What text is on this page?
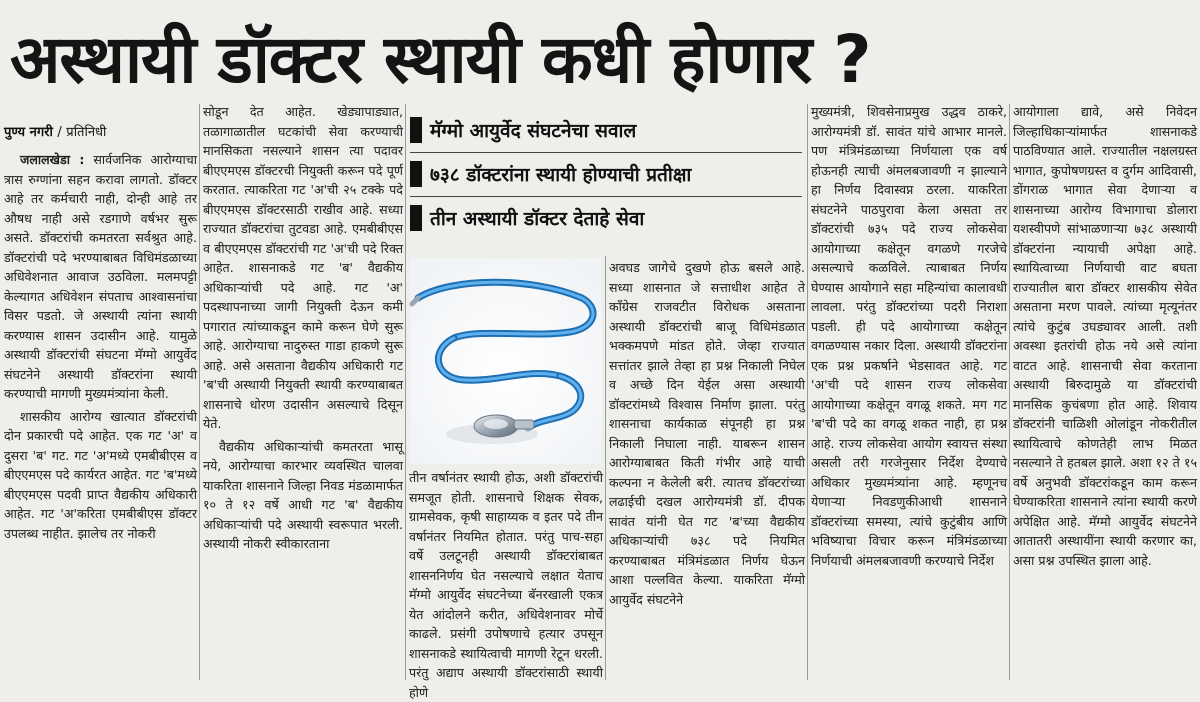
अस्थायी डॉक्टर स्थायी कधी होणार ?
पुण्य नगरी / प्रतिनिधी

जलालखेडा : सार्वजनिक आरोग्याचा त्रास रुग्णांना सहन करावा लागतो. डॉक्टर आहे तर कर्मचारी नाही, दोन्ही आहे तर औषध नाही असे रडगाणे वर्षभर सुरू असते. डॉक्टरांची कमतरता सर्वश्रुत आहे. डॉक्टरांची पदे भरण्याबाबत विधिमंडळाच्या अधिवेशनात आवाज उठविला. मलमपट्टी केल्यागत अधिवेशन संपताच आश्वासनांचा विसर पडतो. जे अस्थायी त्यांना स्थायी करण्यास शासन उदासीन आहे. यामुळे अस्थायी डॉक्टरांची संघटना मॅग्मो आयुर्वेद संघटनेने अस्थायी डॉक्टरांना स्थायी करण्याची मागणी मुख्यमंत्र्यांना केली.

शासकीय आरोग्य खात्यात डॉक्टरांची दोन प्रकारची पदे आहेत. एक गट 'अ' व दुसरा 'ब' गट. गट 'अ'मध्ये एमबीबीएस व बीएएमएस पदे कार्यरत आहेत. गट 'ब'मध्ये बीएएमएस पदवी प्राप्त वैद्यकीय अधिकारी आहेत. गट 'अ'करिता एमबीबीएस डॉक्टर उपलब्ध नाहीत. झालेच तर नोकरी

सोडून देत आहेत. खेड्यापाड्यात, तळागाळातील घटकांची सेवा करण्याची मानसिकता नसल्याने शासन त्या पदावर बीएएमएस डॉक्टरची नियुक्ती करून पदे पूर्ण करतात. त्याकरिता गट 'अ'ची २५ टक्के पदे बीएएमएस डॉक्टरसाठी राखीव आहे. सध्या राज्यात डॉक्टरांचा तुटवडा आहे. एमबीबीएस व बीएएमएस डॉक्टरांची गट 'अ'ची पदे रिक्त आहेत. शासनाकडे गट 'ब' वैद्यकीय अधिकाऱ्यांची पदे आहे. गट 'अ' पदस्थापनाच्या जागी नियुक्ती देऊन कमी पगारात त्यांच्याकडून कामे करून घेणे सुरू आहे. आरोग्याचा नादुरुस्त गाडा हाकणे सुरू आहे. असे असताना वैद्यकीय अधिकारी गट 'ब'ची अस्थायी नियुक्ती स्थायी करण्याबाबत शासनाचे धोरण उदासीन असल्याचे दिसून येते.

वैद्यकीय अधिकाऱ्यांची कमतरता भासू नये, आरोग्याचा कारभार व्यवस्थित चालवा याकरिता शासनाने जिल्हा निवड मंडळामार्फत १० ते १२ वर्षे आधी गट 'ब' वैद्यकीय अधिकाऱ्यांची पदे अस्थायी स्वरूपात भरली. अस्थायी नोकरी स्वीकारताना

मॅग्मो आयुर्वेद संघटनेचा सवाल
७३८ डॉक्टरांना स्थायी होण्याची प्रतीक्षा
तीन अस्थायी डॉक्टर देताहे सेवा

तीन वर्षानंतर स्थायी होऊ, अशी डॉक्टरांची समजूत होती. शासनाचे शिक्षक सेवक, ग्रामसेवक, कृषी साहाय्यक व इतर पदे तीन वर्षानंतर नियमित होतात. परंतु पाच-सहा वर्षे उलटूनही अस्थायी डॉक्टरांबाबत शासननिर्णय घेत नसल्याचे लक्षात येताच मॅग्मो आयुर्वेद संघटनेच्या बॅनरखाली एकत्र येत आंदोलने करीत, अधिवेशनावर मोर्चे काढले. प्रसंगी उपोषणाचे हत्यार उपसून शासनाकडे स्थायित्वाची मागणी रेटून धरली. परंतु अद्याप अस्थायी डॉक्टरांसाठी स्थायी होणे

अवघड जागेचे दुखणे होऊ बसले आहे. सध्या शासनात जे सत्ताधीश आहेत ते काँग्रेस राजवटीत विरोधक असताना अस्थायी डॉक्टरांची बाजू विधिमंडळात भक्कमपणे मांडत होते. जेव्हा राज्यात सत्तांतर झाले तेव्हा हा प्रश्न निकाली निघेल व अच्छे दिन येईल असा अस्थायी डॉक्टरांमध्ये विश्वास निर्माण झाला. परंतु शासनाचा कार्यकाळ संपूनही हा प्रश्न निकाली निघाला नाही. याबरून शासन आरोग्याबाबत किती गंभीर आहे याची कल्पना न केलेली बरी. त्यातच डॉक्टरांच्या लढाईची दखल आरोग्यमंत्री डॉ. दीपक सावंत यांनी घेत गट 'ब'च्या वैद्यकीय अधिकाऱ्यांची ७३८ पदे नियमित करण्याबाबत मंत्रिमंडळात निर्णय घेऊन आशा पल्लवित केल्या. याकरिता मॅग्मो आयुर्वेद संघटनेने

मुख्यमंत्री, शिवसेनाप्रमुख उद्धव ठाकरे, आरोग्यमंत्री डॉ. सावंत यांचे आभार मानले. पण मंत्रिमंडळाच्या निर्णयाला एक वर्ष होऊनही त्याची अंमलबजावणी न झाल्याने हा निर्णय दिवास्वप्न ठरला. याकरिता संघटनेने पाठपुरावा केला असता तर डॉक्टरांची ७३५ पदे राज्य लोकसेवा आयोगाच्या कक्षेतून वगळणे गरजेचे असल्याचे कळविले. त्याबाबत निर्णय घेण्यास आयोगाने सहा महिन्यांचा कालावधी लावला. परंतु डॉक्टरांच्या पदरी निराशा पडली. ही पदे आयोगाच्या कक्षेतून वगळण्यास नकार दिला. अस्थायी डॉक्टरांना एक प्रश्न प्रकर्षाने भेडसावत आहे. गट 'अ'ची पदे शासन राज्य लोकसेवा आयोगाच्या कक्षेतून वगळू शकते. मग गट 'ब'ची पदे का वगळू शकत नाही, हा प्रश्न आहे. राज्य लोकसेवा आयोग स्वायत्त संस्था असली तरी गरजेनुसार निर्देश देण्याचे अधिकार मुख्यमंत्र्यांना आहे. म्हणूनच येणाऱ्या निवडणुकीआधी शासनाने डॉक्टरांच्या समस्या, त्यांचे कुटुंबीय आणि भविष्याचा विचार करून मंत्रिमंडळाच्या निर्णयाची अंमलबजावणी करण्याचे निर्देश

आयोगाला द्यावे, असे निवेदन जिल्हाधिकाऱ्यांमार्फत शासनाकडे पाठविण्यात आले. राज्यातील नक्षलग्रस्त भागात, कुपोषणग्रस्त व दुर्गम आदिवासी, डोंगराळ भागात सेवा देणाऱ्या व शासनाच्या आरोग्य विभागाचा डोलारा यशस्वीपणे सांभाळणाऱ्या ७३८ अस्थायी डॉक्टरांना न्यायाची अपेक्षा आहे. स्थायित्वाच्या निर्णयाची वाट बघता राज्यातील बारा डॉक्टर शासकीय सेवेत असताना मरण पावले. त्यांच्या मृत्यूनंतर त्यांचे कुटुंब उघड्यावर आली. तशी अवस्था इतरांची होऊ नये असे त्यांना वाटत आहे. शासनाची सेवा करताना अस्थायी बिरुदामुळे या डॉक्टरांची मानसिक कुचंबणा होत आहे. शिवाय डॉक्टरांनी चाळिशी ओलांडून नोकरीतील स्थायित्वाचे कोणतेही लाभ मिळत नसल्याने ते हतबल झाले. अशा १२ ते १५ वर्षे अनुभवी डॉक्टरांकडून काम करून घेण्याकरिता शासनाने त्यांना स्थायी करणे अपेक्षित आहे. मॅग्मो आयुर्वेद संघटनेने आतातरी अस्थायींना स्थायी करणार का, असा प्रश्न उपस्थित झाला आहे.
